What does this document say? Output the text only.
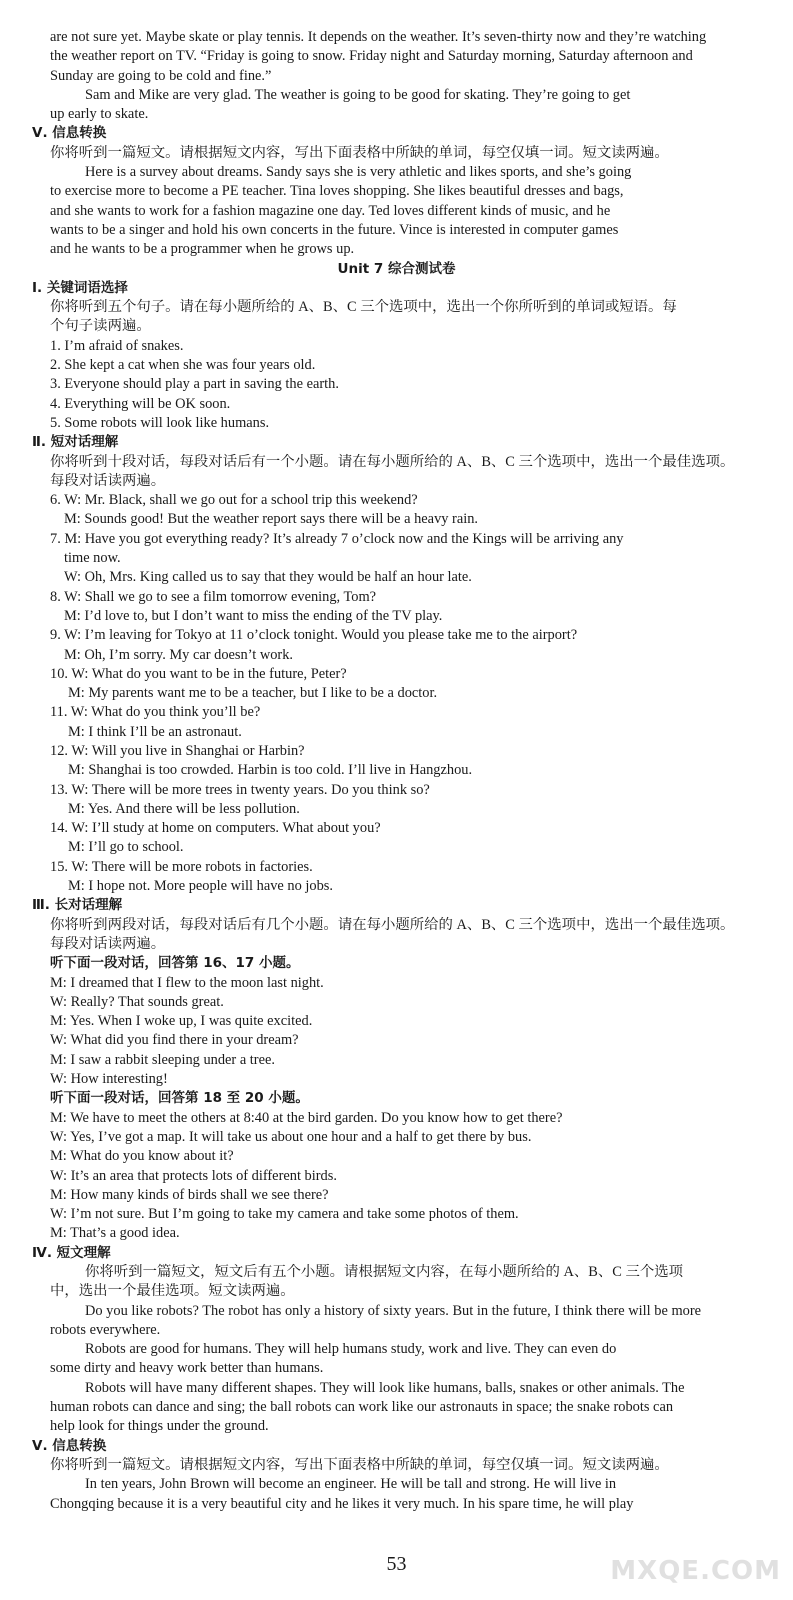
are not sure yet. Maybe skate or play tennis. It depends on the weather. It’s seven-thirty now and they’re watching
the weather report on TV. “Friday is going to snow. Friday night and Saturday morning, Saturday afternoon and
Sunday are going to be cold and fine.”
Sam and Mike are very glad. The weather is going to be good for skating. They’re going to get
up early to skate.
Ⅴ. 信息转换
你将听到一篇短文。请根据短文内容，写出下面表格中所缺的单词，每空仅填一词。短文读两遍。
Here is a survey about dreams. Sandy says she is very athletic and likes sports, and she’s going
to exercise more to become a PE teacher. Tina loves shopping. She likes beautiful dresses and bags,
and she wants to work for a fashion magazine one day. Ted loves different kinds of music, and he
wants to be a singer and hold his own concerts in the future. Vince is interested in computer games
and he wants to be a programmer when he grows up.
Unit 7 综合测试卷
Ⅰ. 关键词语选择
你将听到五个句子。请在每小题所给的 A、B、C 三个选项中，选出一个你所听到的单词或短语。每
个句子读两遍。
1. I’m afraid of snakes.
2. She kept a cat when she was four years old.
3. Everyone should play a part in saving the earth.
4. Everything will be OK soon.
5. Some robots will look like humans.
Ⅱ. 短对话理解
你将听到十段对话，每段对话后有一个小题。请在每小题所给的 A、B、C 三个选项中，选出一个最佳选项。
每段对话读两遍。
6. W: Mr. Black, shall we go out for a school trip this weekend?
M: Sounds good! But the weather report says there will be a heavy rain.
7. M: Have you got everything ready? It’s already 7 o’clock now and the Kings will be arriving any
time now.
W: Oh, Mrs. King called us to say that they would be half an hour late.
8. W: Shall we go to see a film tomorrow evening, Tom?
M: I’d love to, but I don’t want to miss the ending of the TV play.
9. W: I’m leaving for Tokyo at 11 o’clock tonight. Would you please take me to the airport?
M: Oh, I’m sorry. My car doesn’t work.
10. W: What do you want to be in the future, Peter?
M: My parents want me to be a teacher, but I like to be a doctor.
11. W: What do you think you’ll be?
M: I think I’ll be an astronaut.
12. W: Will you live in Shanghai or Harbin?
M: Shanghai is too crowded. Harbin is too cold. I’ll live in Hangzhou.
13. W: There will be more trees in twenty years. Do you think so?
M: Yes. And there will be less pollution.
14. W: I’ll study at home on computers. What about you?
M: I’ll go to school.
15. W: There will be more robots in factories.
M: I hope not. More people will have no jobs.
Ⅲ. 长对话理解
你将听到两段对话，每段对话后有几个小题。请在每小题所给的 A、B、C 三个选项中，选出一个最佳选项。
每段对话读两遍。
听下面一段对话，回答第 16、17 小题。
M: I dreamed that I flew to the moon last night.
W: Really? That sounds great.
M: Yes. When I woke up, I was quite excited.
W: What did you find there in your dream?
M: I saw a rabbit sleeping under a tree.
W: How interesting!
听下面一段对话，回答第 18 至 20 小题。
M: We have to meet the others at 8:40 at the bird garden. Do you know how to get there?
W: Yes, I’ve got a map. It will take us about one hour and a half to get there by bus.
M: What do you know about it?
W: It’s an area that protects lots of different birds.
M: How many kinds of birds shall we see there?
W: I’m not sure. But I’m going to take my camera and take some photos of them.
M: That’s a good idea.
Ⅳ. 短文理解
你将听到一篇短文，短文后有五个小题。请根据短文内容，在每小题所给的 A、B、C 三个选项
中，选出一个最佳选项。短文读两遍。
Do you like robots? The robot has only a history of sixty years. But in the future, I think there will be more
robots everywhere.
Robots are good for humans. They will help humans study, work and live. They can even do
some dirty and heavy work better than humans.
Robots will have many different shapes. They will look like humans, balls, snakes or other animals. The
human robots can dance and sing; the ball robots can work like our astronauts in space; the snake robots can
help look for things under the ground.
Ⅴ. 信息转换
你将听到一篇短文。请根据短文内容，写出下面表格中所缺的单词，每空仅填一词。短文读两遍。
In ten years, John Brown will become an engineer. He will be tall and strong. He will live in
Chongqing because it is a very beautiful city and he likes it very much. In his spare time, he will play
53	MXQE.COM
